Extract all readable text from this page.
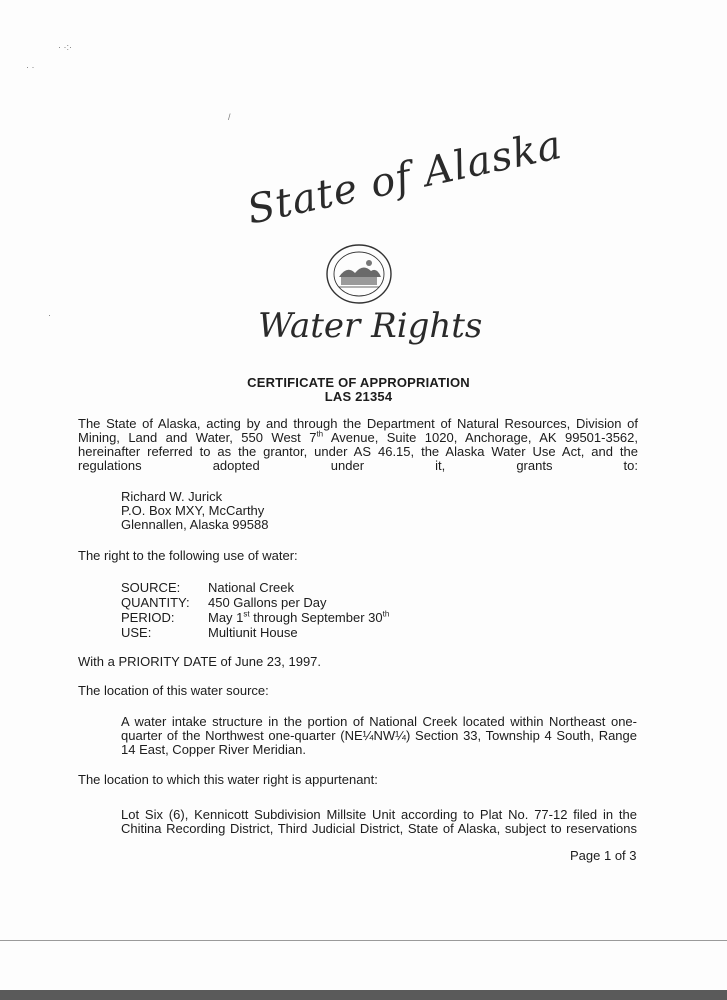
· ·:·
· ·
/
·
State of Alaska
Water Rights
CERTIFICATE OF APPROPRIATION
LAS 21354
The State of Alaska, acting by and through the Department of Natural Resources, Division of
Mining, Land and Water, 550 West 7th Avenue, Suite 1020, Anchorage, AK 99501-3562,
hereinafter referred to as the grantor, under AS 46.15, the Alaska Water Use Act, and the
regulations adopted under it, grants to:
Richard W. Jurick
P.O. Box MXY, McCarthy
Glennallen, Alaska 99588
The right to the following use of water:
SOURCE:	National Creek
QUANTITY:	450 Gallons per Day
PERIOD:	May 1st through September 30th
USE:	Multiunit House
With a PRIORITY DATE of June 23, 1997.
The location of this water source:
A water intake structure in the portion of National Creek located within Northeast one-
quarter of the Northwest one-quarter (NE¼NW¼) Section 33, Township 4 South, Range
14 East, Copper River Meridian.
The location to which this water right is appurtenant:
Lot Six (6), Kennicott Subdivision Millsite Unit according to Plat No. 77-12 filed in the
Chitina Recording District, Third Judicial District, State of Alaska, subject to reservations
Page 1 of 3
